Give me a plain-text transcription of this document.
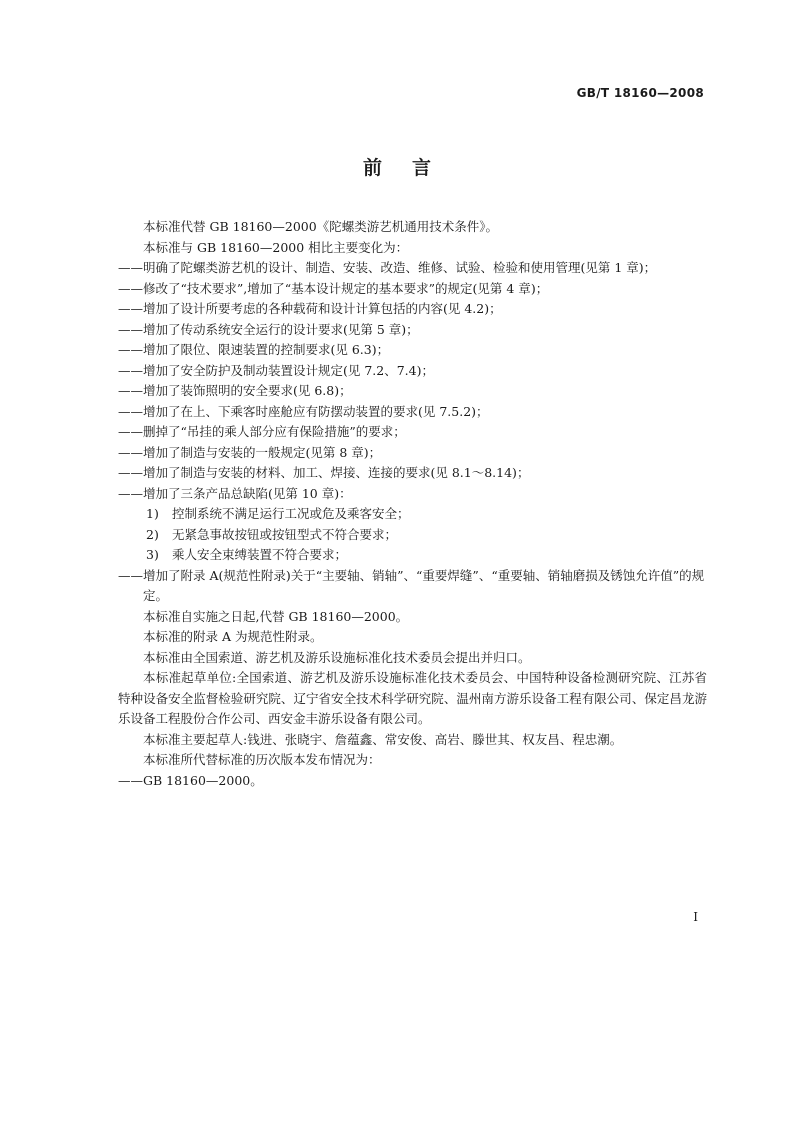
GB/T 18160—2008
前言

本标准代替 GB 18160—2000《陀螺类游艺机通用技术条件》。

本标准与 GB 18160—2000 相比主要变化为：

——明确了陀螺类游艺机的设计、制造、安装、改造、维修、试验、检验和使用管理(见第 1 章)；

——修改了“技术要求”,增加了“基本设计规定的基本要求”的规定(见第 4 章)；

——增加了设计所要考虑的各种载荷和设计计算包括的内容(见 4.2)；

——增加了传动系统安全运行的设计要求(见第 5 章)；

——增加了限位、限速装置的控制要求(见 6.3)；

——增加了安全防护及制动装置设计规定(见 7.2、7.4)；

——增加了装饰照明的安全要求(见 6.8)；

——增加了在上、下乘客时座舱应有防摆动装置的要求(见 7.5.2)；

——删掉了“吊挂的乘人部分应有保险措施”的要求；

——增加了制造与安装的一般规定(见第 8 章)；

——增加了制造与安装的材料、加工、焊接、连接的要求(见 8.1～8.14)；

——增加了三条产品总缺陷(见第 10 章)：

1) 控制系统不满足运行工况或危及乘客安全；

2) 无紧急事故按钮或按钮型式不符合要求；

3) 乘人安全束缚装置不符合要求；

——增加了附录 A(规范性附录)关于“主要轴、销轴”、“重要焊缝”、“重要轴、销轴磨损及锈蚀允许值”的规定。

本标准自实施之日起,代替 GB 18160—2000。

本标准的附录 A 为规范性附录。

本标准由全国索道、游艺机及游乐设施标准化技术委员会提出并归口。

本标准起草单位:全国索道、游艺机及游乐设施标准化技术委员会、中国特种设备检测研究院、江苏省特种设备安全监督检验研究院、辽宁省安全技术科学研究院、温州南方游乐设备工程有限公司、保定昌龙游乐设备工程股份合作公司、西安金丰游乐设备有限公司。

本标准主要起草人:钱进、张晓宇、詹蕴鑫、常安俊、高岩、滕世其、权友昌、程忠潮。

本标准所代替标准的历次版本发布情况为：

——GB 18160—2000。

I
